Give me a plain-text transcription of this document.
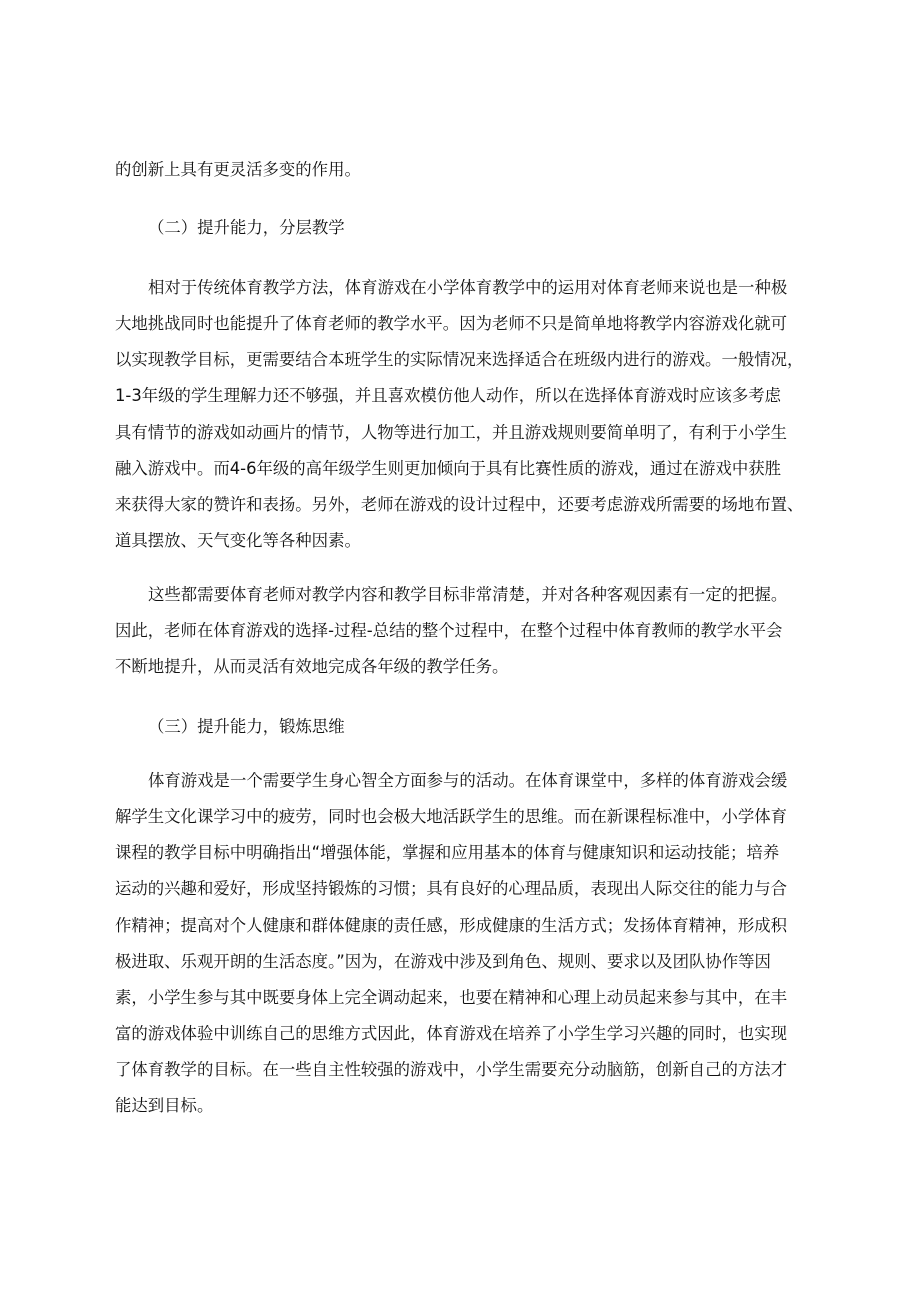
的创新上具有更灵活多变的作用。
（二）提升能力，分层教学
相对于传统体育教学方法，体育游戏在小学体育教学中的运用对体育老师来说也是一种极
大地挑战同时也能提升了体育老师的教学水平。因为老师不只是简单地将教学内容游戏化就可
以实现教学目标，更需要结合本班学生的实际情况来选择适合在班级内进行的游戏。一般情况，
1-3年级的学生理解力还不够强，并且喜欢模仿他人动作，所以在选择体育游戏时应该多考虑
具有情节的游戏如动画片的情节，人物等进行加工，并且游戏规则要简单明了，有利于小学生
融入游戏中。而4-6年级的高年级学生则更加倾向于具有比赛性质的游戏，通过在游戏中获胜
来获得大家的赞许和表扬。另外，老师在游戏的设计过程中，还要考虑游戏所需要的场地布置、
道具摆放、天气变化等各种因素。
这些都需要体育老师对教学内容和教学目标非常清楚，并对各种客观因素有一定的把握。
因此，老师在体育游戏的选择-过程-总结的整个过程中，在整个过程中体育教师的教学水平会
不断地提升，从而灵活有效地完成各年级的教学任务。
（三）提升能力，锻炼思维
体育游戏是一个需要学生身心智全方面参与的活动。在体育课堂中，多样的体育游戏会缓
解学生文化课学习中的疲劳，同时也会极大地活跃学生的思维。而在新课程标准中，小学体育
课程的教学目标中明确指出“增强体能，掌握和应用基本的体育与健康知识和运动技能；培养
运动的兴趣和爱好，形成坚持锻炼的习惯；具有良好的心理品质，表现出人际交往的能力与合
作精神；提高对个人健康和群体健康的责任感，形成健康的生活方式；发扬体育精神，形成积
极进取、乐观开朗的生活态度。”因为，在游戏中涉及到角色、规则、要求以及团队协作等因
素，小学生参与其中既要身体上完全调动起来，也要在精神和心理上动员起来参与其中，在丰
富的游戏体验中训练自己的思维方式因此，体育游戏在培养了小学生学习兴趣的同时，也实现
了体育教学的目标。在一些自主性较强的游戏中，小学生需要充分动脑筋，创新自己的方法才
能达到目标。
